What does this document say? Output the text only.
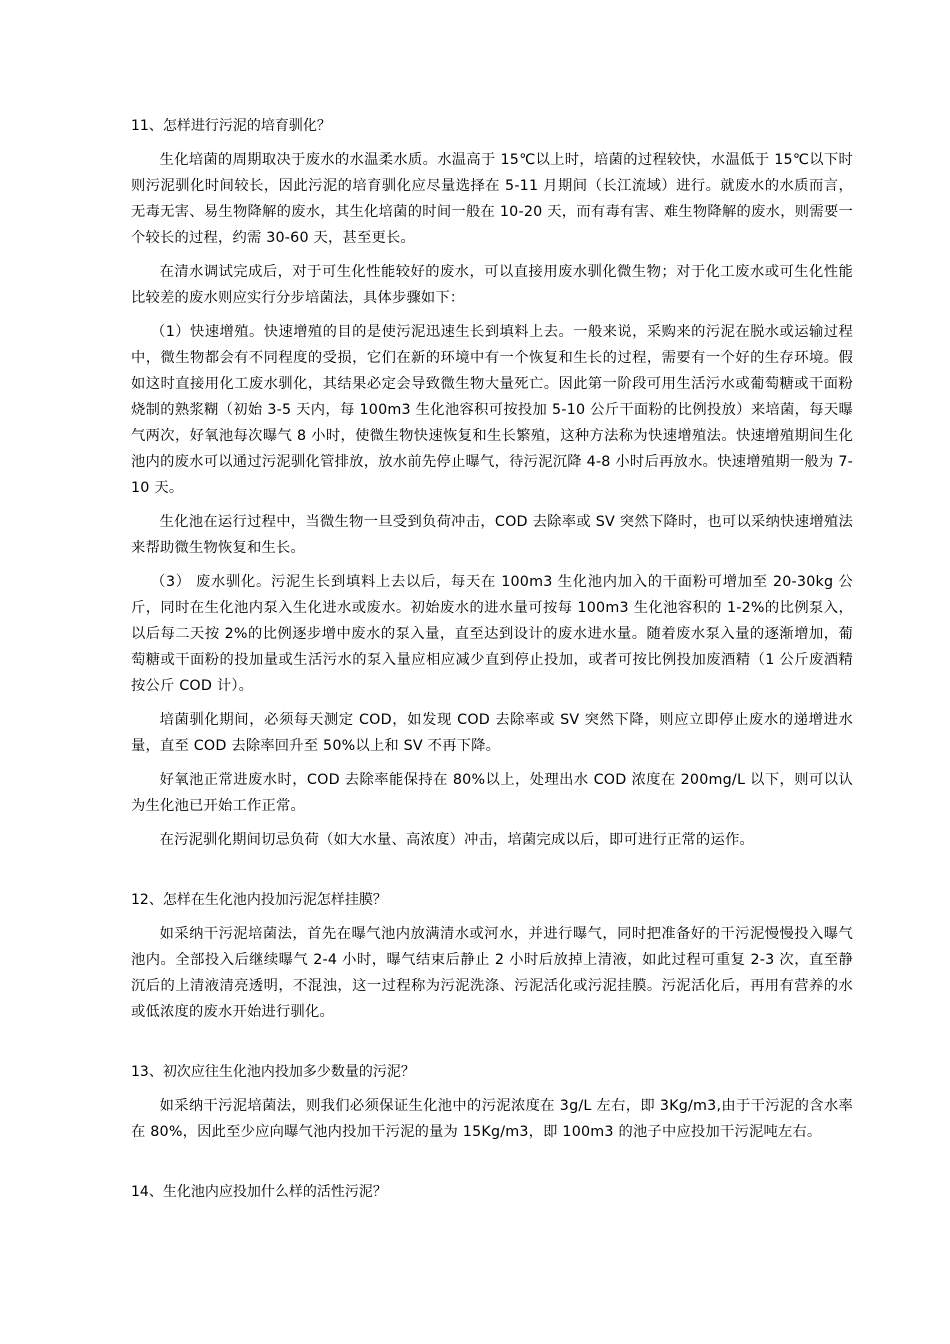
11、怎样进行污泥的培育驯化？

生化培菌的周期取决于废水的水温柔水质。水温高于 15℃以上时，培菌的过程较快，水温低于 15℃以下时则污泥驯化时间较长，因此污泥的培育驯化应尽量选择在 5-11 月期间（长江流域）进行。就废水的水质而言，无毒无害、易生物降解的废水，其生化培菌的时间一般在 10-20 天，而有毒有害、难生物降解的废水，则需要一个较长的过程，约需 30-60 天，甚至更长。

在清水调试完成后，对于可生化性能较好的废水，可以直接用废水驯化微生物；对于化工废水或可生化性能比较差的废水则应实行分步培菌法，具体步骤如下：

（1）快速增殖。快速增殖的目的是使污泥迅速生长到填料上去。一般来说，采购来的污泥在脱水或运输过程中，微生物都会有不同程度的受损，它们在新的环境中有一个恢复和生长的过程，需要有一个好的生存环境。假如这时直接用化工废水驯化，其结果必定会导致微生物大量死亡。因此第一阶段可用生活污水或葡萄糖或干面粉烧制的熟浆糊（初始 3-5 天内，每 100m3 生化池容积可按投加 5-10 公斤干面粉的比例投放）来培菌，每天曝气两次，好氧池每次曝气 8 小时，使微生物快速恢复和生长繁殖，这种方法称为快速增殖法。快速增殖期间生化池内的废水可以通过污泥驯化管排放，放水前先停止曝气，待污泥沉降 4-8 小时后再放水。快速增殖期一般为 7-10 天。

生化池在运行过程中，当微生物一旦受到负荷冲击，COD 去除率或 SV 突然下降时，也可以采纳快速增殖法来帮助微生物恢复和生长。

（3） 废水驯化。污泥生长到填料上去以后，每天在 100m3 生化池内加入的干面粉可增加至 20-30kg 公斤，同时在生化池内泵入生化进水或废水。初始废水的进水量可按每 100m3 生化池容积的 1-2%的比例泵入，以后每二天按 2%的比例逐步增中废水的泵入量，直至达到设计的废水进水量。随着废水泵入量的逐渐增加，葡萄糖或干面粉的投加量或生活污水的泵入量应相应减少直到停止投加，或者可按比例投加废酒精（1 公斤废酒精按公斤 COD 计）。

培菌驯化期间，必须每天测定 COD，如发现 COD 去除率或 SV 突然下降，则应立即停止废水的递增进水量，直至 COD 去除率回升至 50%以上和 SV 不再下降。

好氧池正常进废水时，COD 去除率能保持在 80%以上，处理出水 COD 浓度在 200mg/L 以下，则可以认为生化池已开始工作正常。

在污泥驯化期间切忌负荷（如大水量、高浓度）冲击，培菌完成以后，即可进行正常的运作。

12、怎样在生化池内投加污泥怎样挂膜？

如采纳干污泥培菌法，首先在曝气池内放满清水或河水，并进行曝气，同时把准备好的干污泥慢慢投入曝气池内。全部投入后继续曝气 2-4 小时，曝气结束后静止 2 小时后放掉上清液，如此过程可重复 2-3 次，直至静沉后的上清液清亮透明，不混浊，这一过程称为污泥洗涤、污泥活化或污泥挂膜。污泥活化后，再用有营养的水或低浓度的废水开始进行驯化。

13、初次应往生化池内投加多少数量的污泥？

如采纳干污泥培菌法，则我们必须保证生化池中的污泥浓度在 3g/L 左右，即 3Kg/m3,由于干污泥的含水率在 80%，因此至少应向曝气池内投加干污泥的量为 15Kg/m3，即 100m3 的池子中应投加干污泥吨左右。

14、生化池内应投加什么样的活性污泥？
